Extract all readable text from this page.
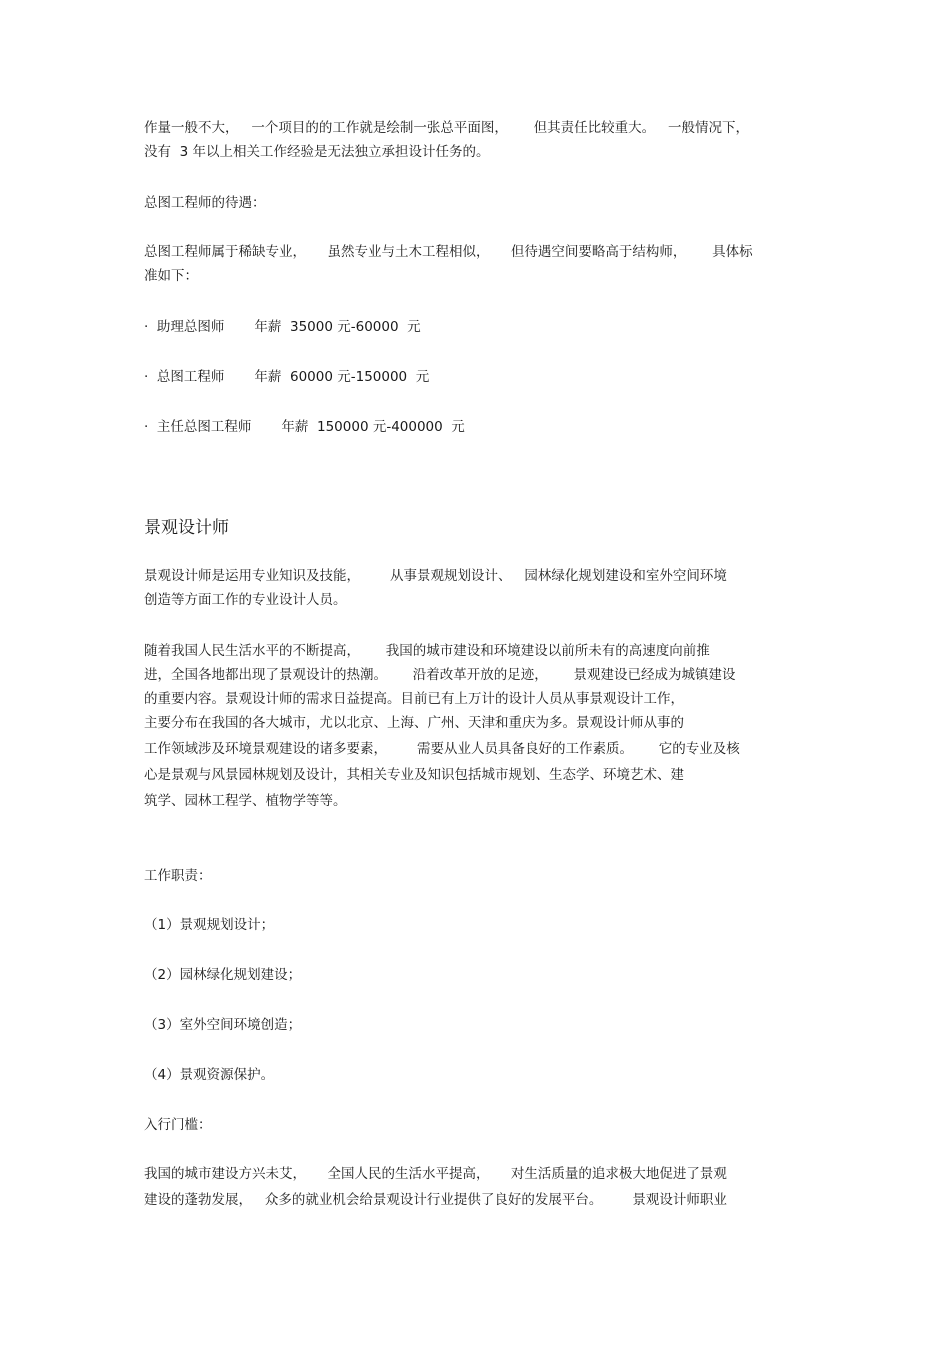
作量一般不大，   一个项目的的工作就是绘制一张总平面图，      但其责任比较重大。   一般情况下，
没有  3 年以上相关工作经验是无法独立承担设计任务的。
总图工程师的待遇：
总图工程师属于稀缺专业，     虽然专业与土木工程相似，     但待遇空间要略高于结构师，      具体标
准如下：
·  助理总图师       年薪  35000 元-60000  元
·  总图工程师       年薪  60000 元-150000  元
·  主任总图工程师       年薪  150000 元-400000  元
景观设计师
景观设计师是运用专业知识及技能，       从事景观规划设计、   园林绿化规划建设和室外空间环境
创造等方面工作的专业设计人员。
随着我国人民生活水平的不断提高，      我国的城市建设和环境建设以前所未有的高速度向前推
进，全国各地都出现了景观设计的热潮。      沿着改革开放的足迹，      景观建设已经成为城镇建设
的重要内容。景观设计师的需求日益提高。目前已有上万计的设计人员从事景观设计工作，
主要分布在我国的各大城市，尤以北京、上海、广州、天津和重庆为多。景观设计师从事的
工作领域涉及环境景观建设的诸多要素，       需要从业人员具备良好的工作素质。      它的专业及核
心是景观与风景园林规划及设计，其相关专业及知识包括城市规划、生态学、环境艺术、建
筑学、园林工程学、植物学等等。
工作职责：
（1）景观规划设计；
（2）园林绿化规划建设；
（3）室外空间环境创造；
（4）景观资源保护。
入行门槛：
我国的城市建设方兴未艾，     全国人民的生活水平提高，     对生活质量的追求极大地促进了景观
建设的蓬勃发展，   众多的就业机会给景观设计行业提供了良好的发展平台。       景观设计师职业
